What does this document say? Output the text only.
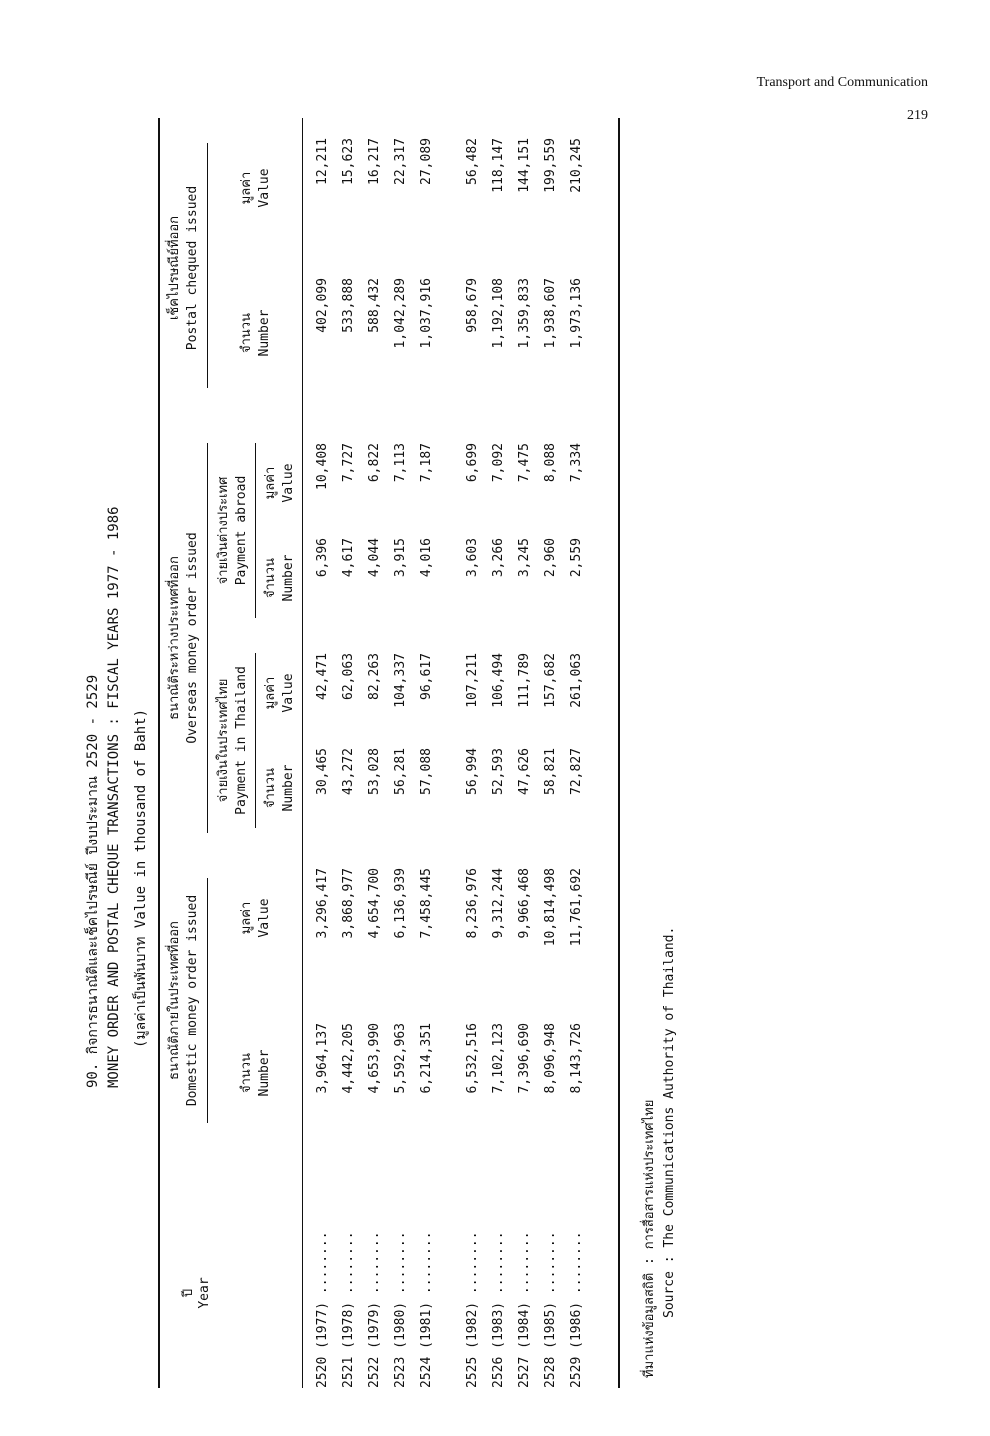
Transport and Communication
219
90. กิจการธนาณัติและเช็คไปรษณีย์ ปีงบประมาณ 2520 - 2529 MONEY ORDER AND POSTAL CHEQUE TRANSACTIONS : FISCAL YEARS 1977 - 1986 (มูลค่าเป็นพันบาท Value in thousand of Baht)
ปี Year
ธนาณัติภายในประเทศที่ออก Domestic money order issued
ธนาณัติระหว่างประเทศที่ออก Overseas money order issued จ่ายเงินในประเทศไทย Payment in Thailand
จ่ายเงินต่างประเทศ Payment abroad
เช็คไปรษณีย์ที่ออก Postal chequed issued
จำนวน Number
มูลค่า Value
จำนวน Number
มูลค่า Value
จำนวน Number
มูลค่า Value
จำนวน Number
มูลค่า Value
2520 (1977) ........
3,964,137
3,296,417
30,465
42,471
6,396
10,408
402,099
12,211
2521 (1978) ........
4,442,205
3,868,977
43,272
62,063
4,617
7,727
533,888
15,623
2522 (1979) ........
4,653,990
4,654,700
53,028
82,263
4,044
6,822
588,432
16,217
2523 (1980) ........
5,592,963
6,136,939
56,281
104,337
3,915
7,113
1,042,289
22,317
2524 (1981) ........
6,214,351
7,458,445
57,088
96,617
4,016
7,187
1,037,916
27,089
2525 (1982) ........
6,532,516
8,236,976
56,994
107,211
3,603
6,699
958,679
56,482
2526 (1983) ........
7,102,123
9,312,244
52,593
106,494
3,266
7,092
1,192,108
118,147
2527 (1984) ........
7,396,690
9,966,468
47,626
111,789
3,245
7,475
1,359,833
144,151
2528 (1985) ........
8,096,948
10,814,498
58,821
157,682
2,960
8,088
1,938,607
199,559
2529 (1986) ........
8,143,726
11,761,692
72,827
261,063
2,559
7,334
1,973,136
210,245
ที่มาแห่งข้อมูลสถิติ : การสื่อสารแห่งประเทศไทย Source : The Communications Authority of Thailand.
